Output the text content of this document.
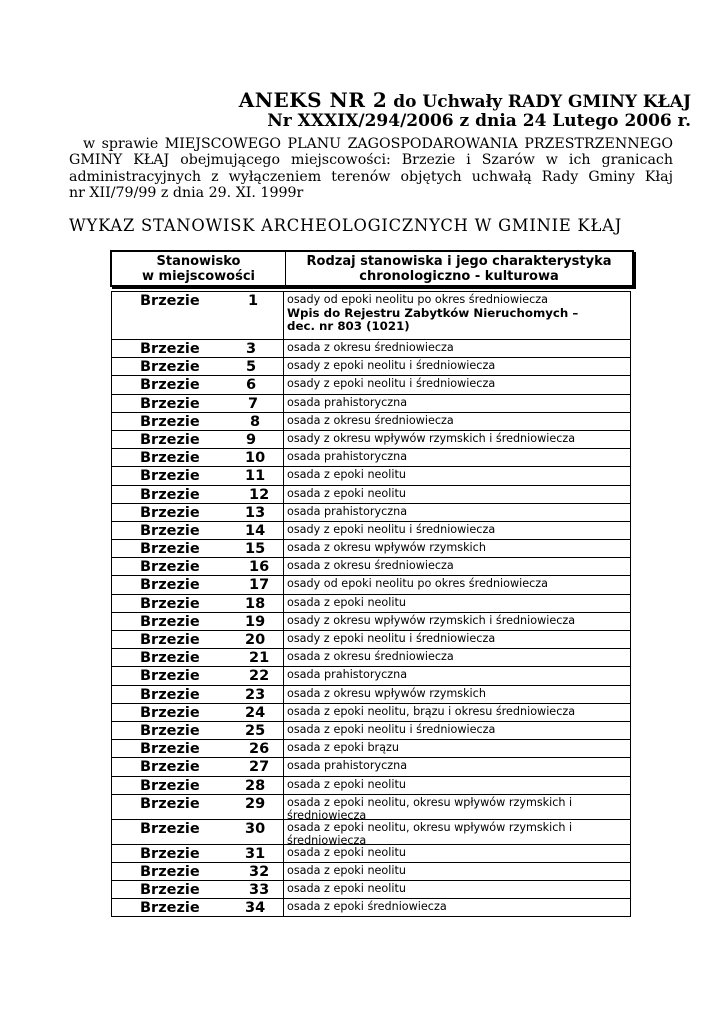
ANEKS NR 2 do Uchwały RADY GMINY KŁAJ
Nr XXXIX/294/2006 z dnia 24 Lutego 2006 r.
w sprawie MIEJSCOWEGO PLANU ZAGOSPODAROWANIA PRZESTRZENNEGO
GMINY KŁAJ obejmującego miejscowości: Brzezie i Szarów w ich granicach
administracyjnych z wyłączeniem terenów objętych uchwałą Rady Gminy Kłaj
nr XII/79/99 z dnia 29. XI. 1999r
WYKAZ STANOWISK ARCHEOLOGICZNYCH W GMINIE KŁAJ
Stanowisko
w miejscowości
Rodzaj stanowiska i jego charakterystyka
chronologiczno - kulturowa
Brzezie	1	osady od epoki neolitu po okres średniowiecza
Wpis do Rejestru Zabytków Nieruchomych –
dec. nr 803 (1021)
Brzezie	3	osada z okresu średniowiecza
Brzezie	5	osady z epoki neolitu i średniowiecza
Brzezie	6	osady z epoki neolitu i średniowiecza
Brzezie	7	osada prahistoryczna
Brzezie	8 osada z okresu średniowiecza
Brzezie	9	osady z okresu wpływów rzymskich i średniowiecza
Brzezie	10 osada prahistoryczna
Brzezie	11 osada z epoki neolitu
Brzezie	12 osada z epoki neolitu
Brzezie	13 osada prahistoryczna
Brzezie	14 osady z epoki neolitu i średniowiecza
Brzezie	15 osada z okresu wpływów rzymskich
Brzezie	16 osada z okresu średniowiecza
Brzezie	17 osady od epoki neolitu po okres średniowiecza
Brzezie	18 osada z epoki neolitu
Brzezie	19 osady z okresu wpływów rzymskich i średniowiecza
Brzezie	20 osady z epoki neolitu i średniowiecza
Brzezie	21 osada z okresu średniowiecza
Brzezie	22 osada prahistoryczna
Brzezie	23 osada z okresu wpływów rzymskich
Brzezie	24 osada z epoki neolitu, brązu i okresu średniowiecza
Brzezie	25 osada z epoki neolitu i średniowiecza
Brzezie	26 osada z epoki brązu
Brzezie	27 osada prahistoryczna
Brzezie	28 osada z epoki neolitu
Brzezie	29 osada z epoki neolitu, okresu wpływów rzymskich i średniowiecza
Brzezie	30 osada z epoki neolitu, okresu wpływów rzymskich i średniowiecza
Brzezie	31 osada z epoki neolitu
Brzezie	32 osada z epoki neolitu
Brzezie	33 osada z epoki neolitu
Brzezie	34 osada z epoki średniowiecza
